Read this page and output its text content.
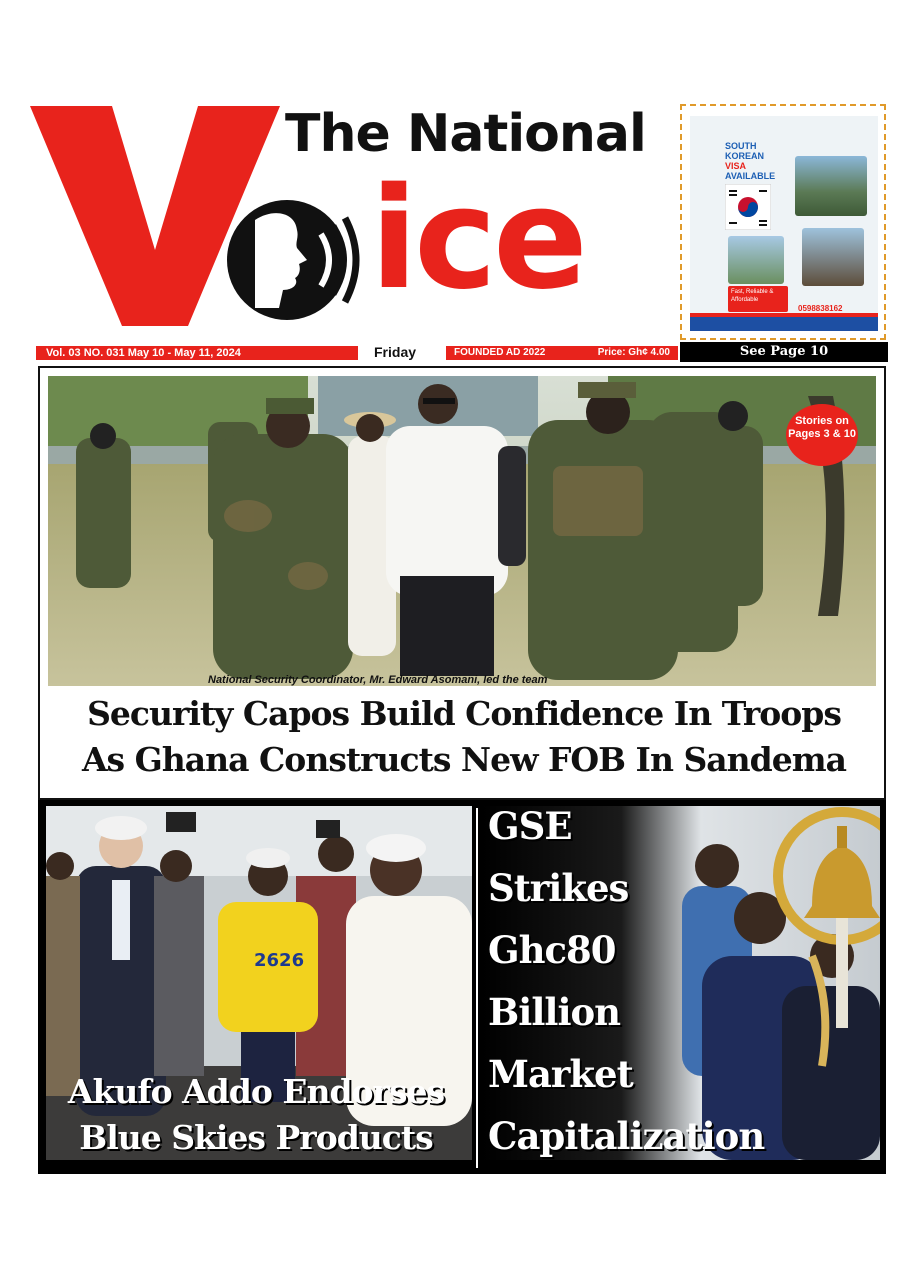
The National
ice
Vol. 03 NO. 031 May 10 - May 11, 2024	Friday	FOUNDED AD 2022	Price: Gh¢ 4.00
SOUTH
KOREAN
VISA
AVAILABLE
Fast, Reliable & Affordable
0598838162
See Page 10
National Security Coordinator, Mr. Edward Asomani, led the team
Stories on Pages 3 & 10
Security Capos Build Confidence In Troops
As Ghana Constructs New FOB In Sandema
2626
Akufo Addo Endorses
Blue Skies Products
GSE
Strikes
Ghc80
Billion
Market
Capitalization
